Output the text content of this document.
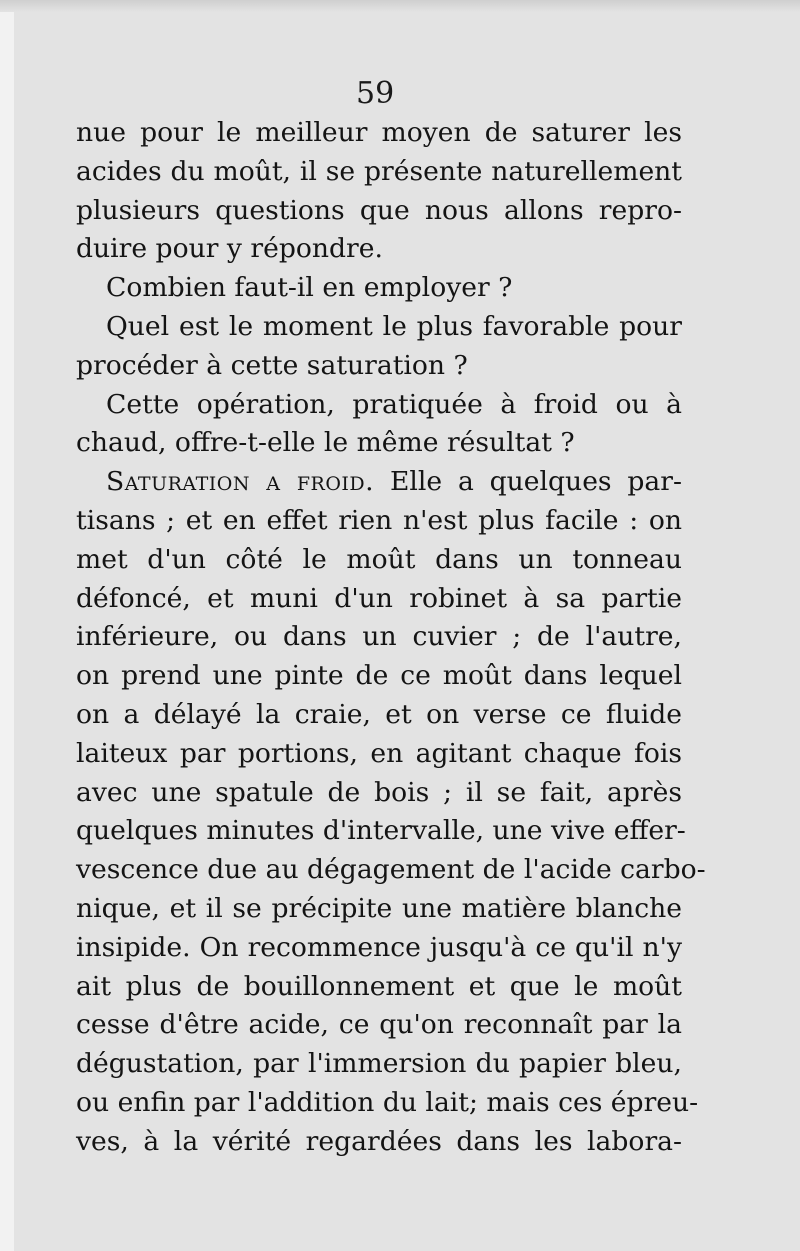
59
nue pour le meilleur moyen de saturer les
acides du moût, il se présente naturellement
plusieurs questions que nous allons repro-
duire pour y répondre.
Combien faut-il en employer ?
Quel est le moment le plus favorable pour
procéder à cette saturation ?
Cette opération, pratiquée à froid ou à
chaud, offre-t-elle le même résultat ?
Saturation a froid. Elle a quelques par-
tisans ; et en effet rien n'est plus facile : on
met d'un côté le moût dans un tonneau
défoncé, et muni d'un robinet à sa partie
inférieure, ou dans un cuvier ; de l'autre,
on prend une pinte de ce moût dans lequel
on a délayé la craie, et on verse ce fluide
laiteux par portions, en agitant chaque fois
avec une spatule de bois ; il se fait, après
quelques minutes d'intervalle, une vive effer-
vescence due au dégagement de l'acide carbo-
nique, et il se précipite une matière blanche
insipide. On recommence jusqu'à ce qu'il n'y
ait plus de bouillonnement et que le moût
cesse d'être acide, ce qu'on reconnaît par la
dégustation, par l'immersion du papier bleu,
ou enfin par l'addition du lait; mais ces épreu-
ves, à la vérité regardées dans les labora-
